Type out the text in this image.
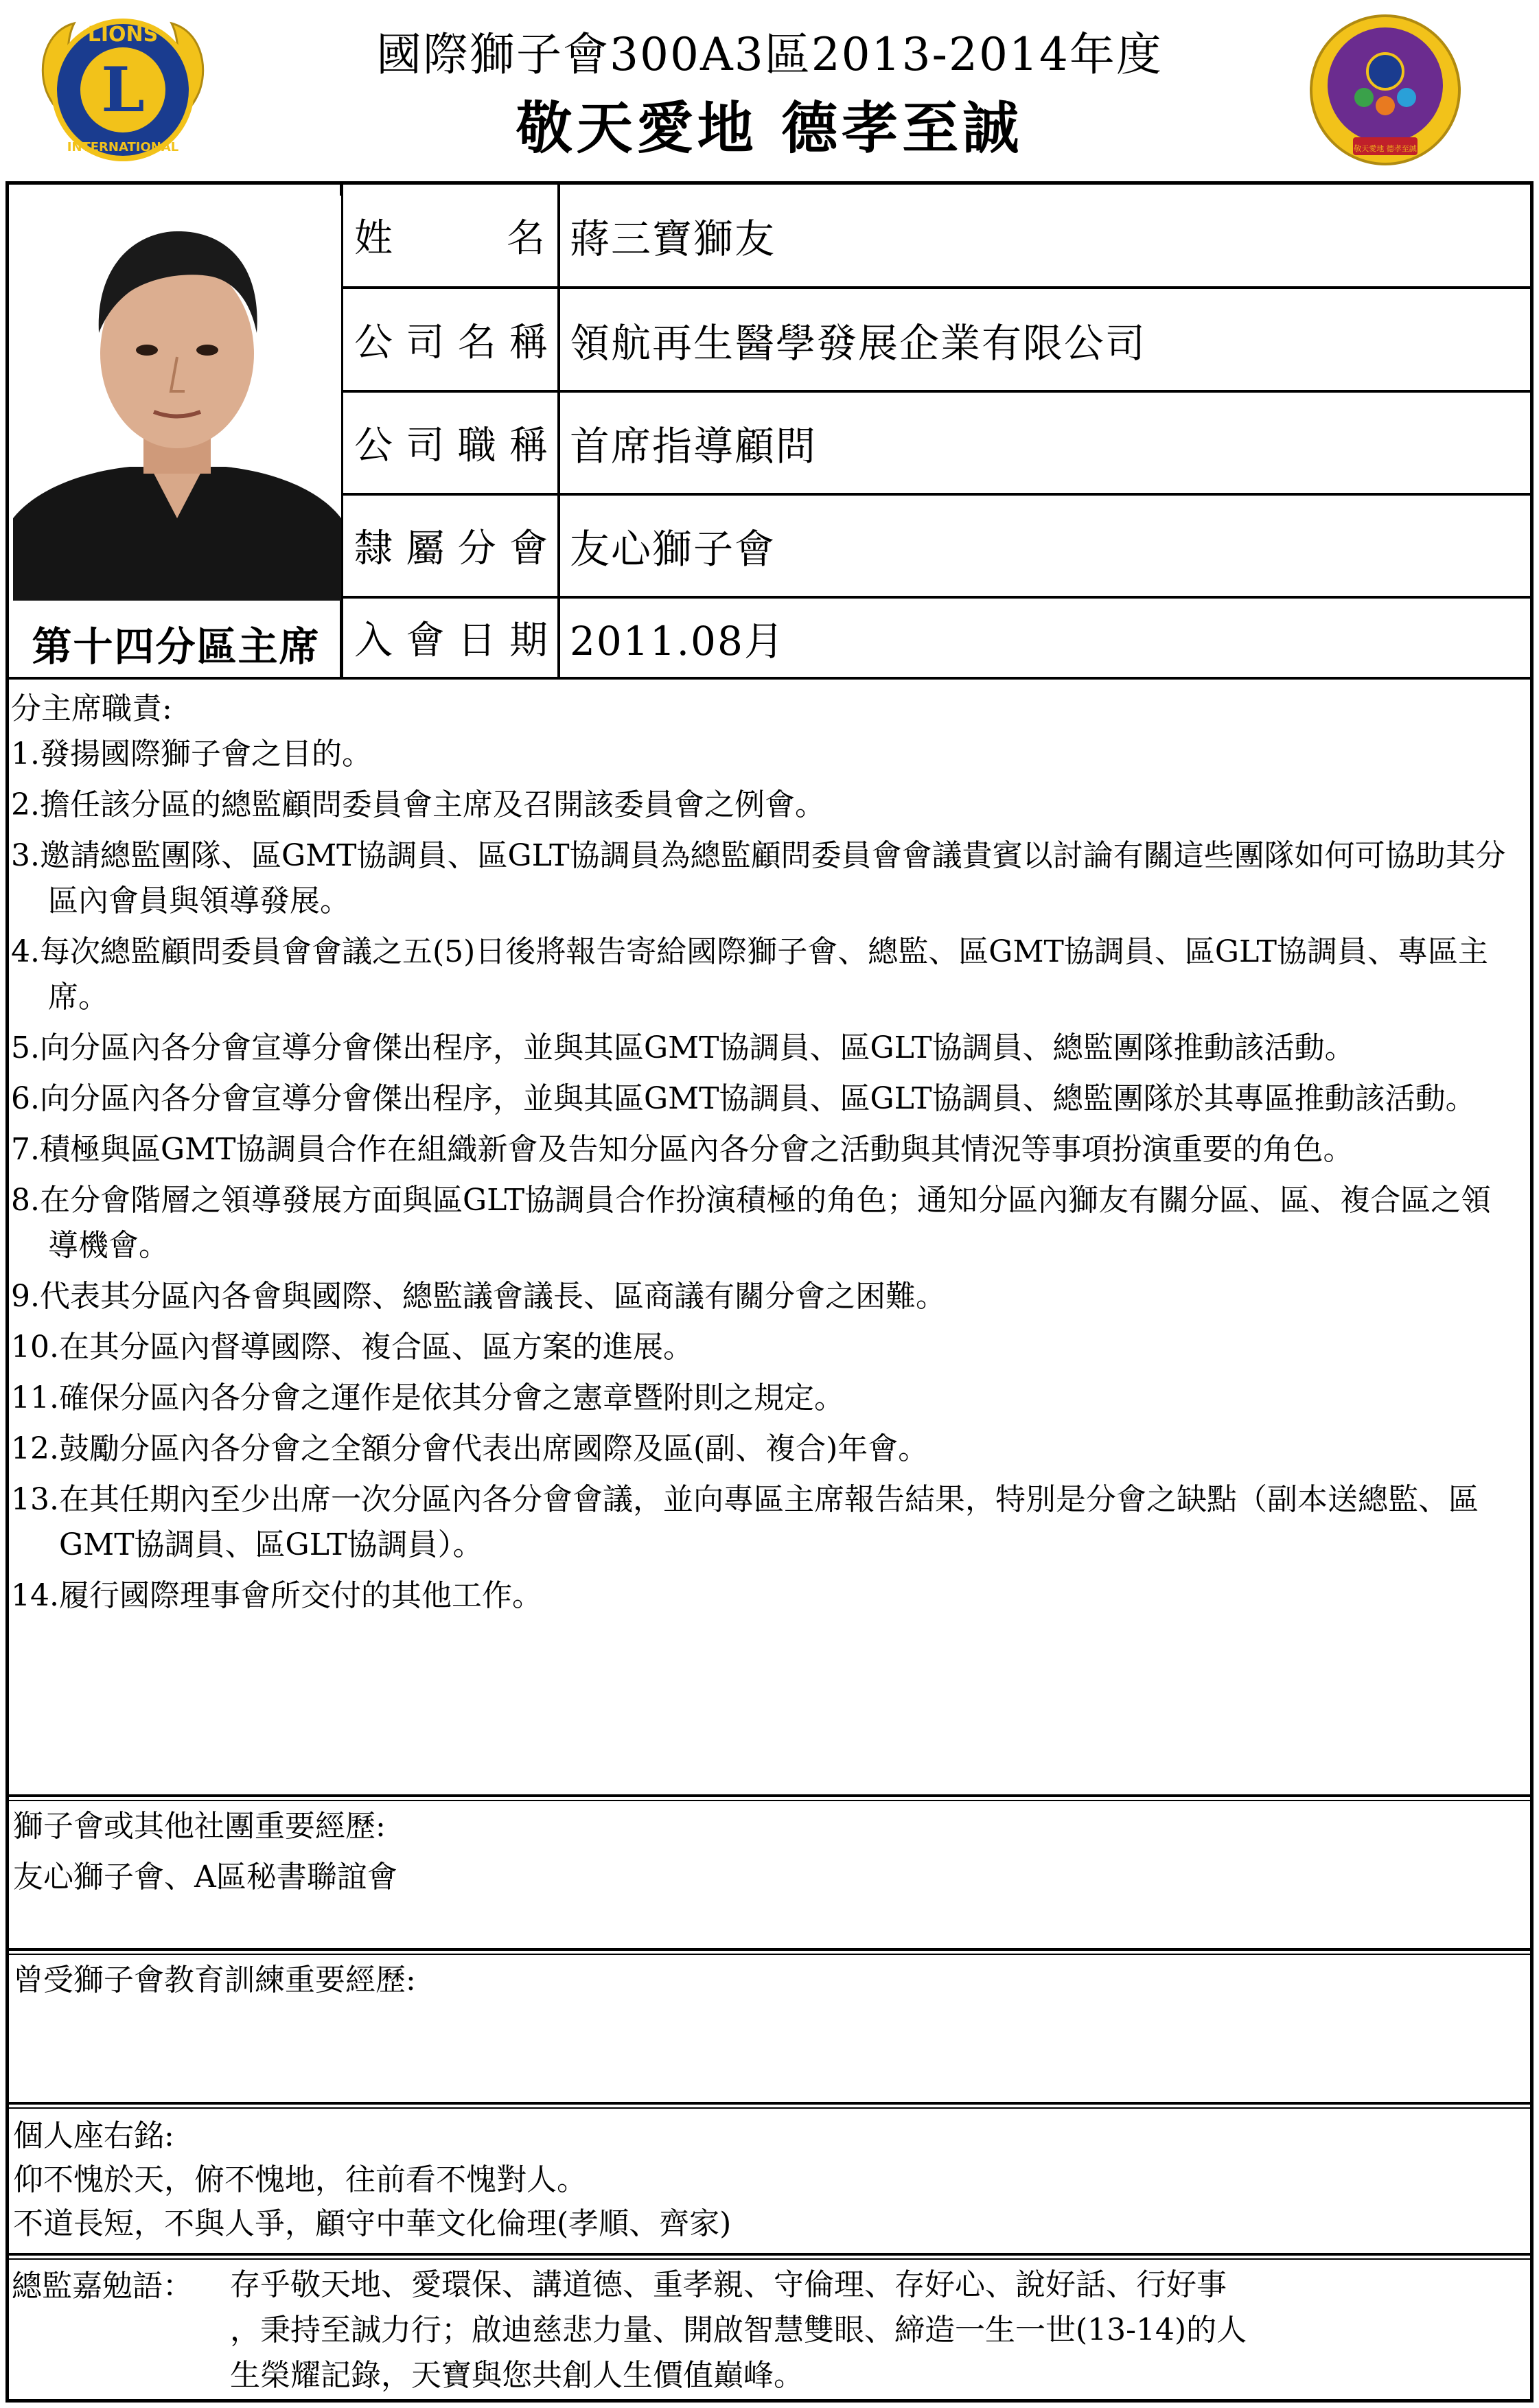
L
LIONS
INTERNATIONAL
國際獅子會300A3區2013-2014年度
敬天愛地 德孝至誠	敬天愛地 德孝至誠
第十四分區主席
姓	名 蔣三寶獅友
公 司 名 稱 領航再生醫學發展企業有限公司
公 司 職 稱 首席指導顧問
隸 屬 分 會 友心獅子會
入 會 日 期 2011.08月
分主席職責:
1.發揚國際獅子會之目的。
2.擔任該分區的總監顧問委員會主席及召開該委員會之例會。
3.邀請總監團隊、區GMT協調員、區GLT協調員為總監顧問委員會會議貴賓以討論有關這些團隊如何可協助其分區內會員與領導發展。
4.每次總監顧問委員會會議之五(5)日後將報告寄給國際獅子會、總監、區GMT協調員、區GLT協調員、專區主席。
5.向分區內各分會宣導分會傑出程序，並與其區GMT協調員、區GLT協調員、總監團隊推動該活動。
6.向分區內各分會宣導分會傑出程序，並與其區GMT協調員、區GLT協調員、總監團隊於其專區推動該活動。
7.積極與區GMT協調員合作在組織新會及告知分區內各分會之活動與其情況等事項扮演重要的角色。
8.在分會階層之領導發展方面與區GLT協調員合作扮演積極的角色；通知分區內獅友有關分區、區、複合區之領導機會。
9.代表其分區內各會與國際、總監議會議長、區商議有關分會之困難。
10.在其分區內督導國際、複合區、區方案的進展。
11.確保分區內各分會之運作是依其分會之憲章暨附則之規定。
12.鼓勵分區內各分會之全額分會代表出席國際及區(副、複合)年會。
13.在其任期內至少出席一次分區內各分會會議，並向專區主席報告結果，特別是分會之缺點（副本送總監、區GMT協調員、區GLT協調員）。
14.履行國際理事會所交付的其他工作。
獅子會或其他社團重要經歷:
友心獅子會、A區秘書聯誼會
曾受獅子會教育訓練重要經歷:
個人座右銘:
仰不愧於天，俯不愧地，往前看不愧對人。
不道長短，不與人爭，顧守中華文化倫理(孝順、齊家)
總監嘉勉語： 存乎敬天地、愛環保、講道德、重孝親、守倫理、存好心、說好話、行好事
，秉持至誠力行；啟迪慈悲力量、開啟智慧雙眼、締造一生一世(13-14)的人
生榮耀記錄，天寶與您共創人生價值巔峰。
